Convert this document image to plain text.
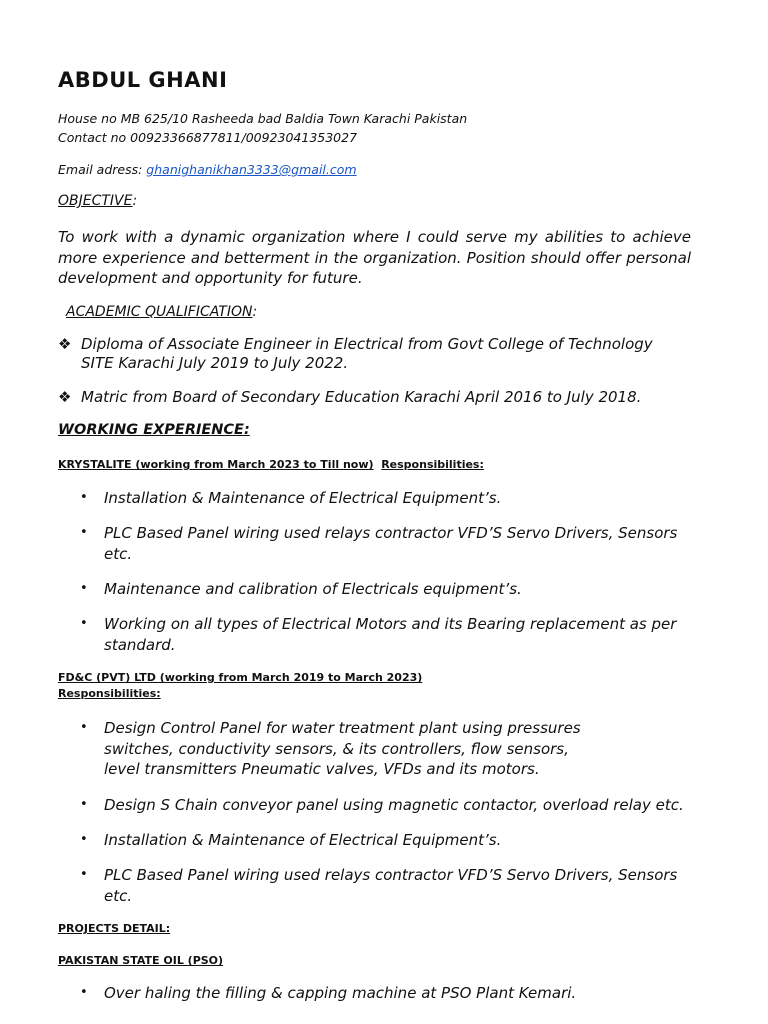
ABDUL GHANI
House no MB 625/10 Rasheeda bad Baldia Town Karachi Pakistan
Contact no 00923366877811/00923041353027
Email adress: ghanighanikhan3333@gmail.com
OBJECTIVE:
To work with a dynamic organization where I could serve my abilities to achieve more experience and betterment in the organization. Position should offer personal development and opportunity for future.
ACADEMIC QUALIFICATION:
❖ Diploma of Associate Engineer in Electrical from Govt College of Technology SITE Karachi July 2019 to July 2022.
❖ Matric from Board of Secondary Education Karachi April 2016 to July 2018.
WORKING EXPERIENCE:
KRYSTALITE (working from March 2023 to Till now) Responsibilities:
• Installation & Maintenance of Electrical Equipment’s.
• PLC Based Panel wiring used relays contractor VFD’S Servo Drivers, Sensors etc.
• Maintenance and calibration of Electricals equipment’s.
• Working on all types of Electrical Motors and its Bearing replacement as per standard.
FD&C (PVT) LTD (working from March 2019 to March 2023)
Responsibilities:
• Design Control Panel for water treatment plant using pressures switches, conductivity sensors, & its controllers, flow sensors, level transmitters Pneumatic valves, VFDs and its motors.
• Design S Chain conveyor panel using magnetic contactor, overload relay etc.
• Installation & Maintenance of Electrical Equipment’s.
• PLC Based Panel wiring used relays contractor VFD’S Servo Drivers, Sensors etc.
PROJECTS DETAIL:
PAKISTAN STATE OIL (PSO)
• Over haling the filling & capping machine at PSO Plant Kemari.
